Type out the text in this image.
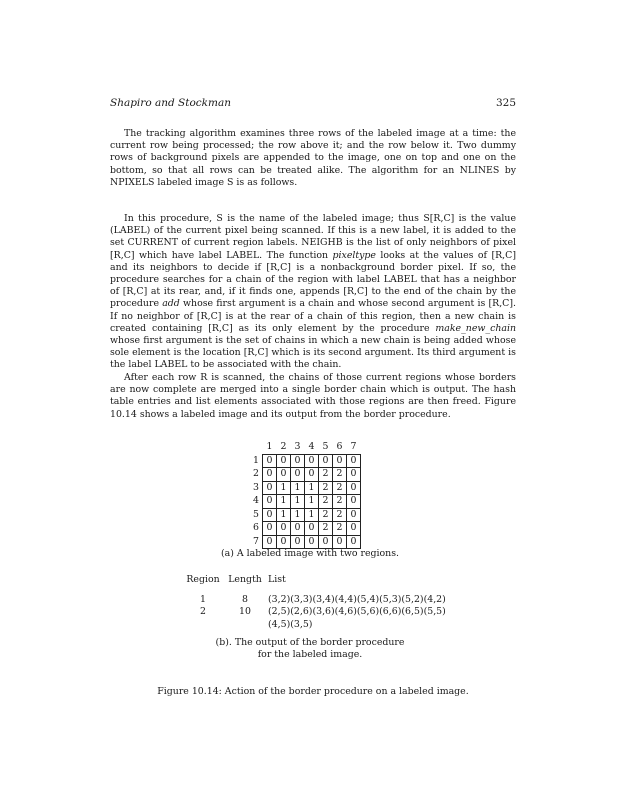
Shapiro and Stockman	325

The tracking algorithm examines three rows of the labeled image at a time: the current row being processed; the row above it; and the row below it. Two dummy rows of background pixels are appended to the image, one on top and one on the bottom, so that all rows can be treated alike. The algorithm for an NLINES by NPIXELS labeled image S is as follows.

In this procedure, S is the name of the labeled image; thus S[R,C] is the value (LABEL) of the current pixel being scanned. If this is a new label, it is added to the set CURRENT of current region labels. NEIGHB is the list of only neighbors of pixel [R,C] which have label LABEL. The function pixeltype looks at the values of [R,C] and its neighbors to decide if [R,C] is a nonbackground border pixel. If so, the procedure searches for a chain of the region with label LABEL that has a neighbor of [R,C] at its rear, and, if it finds one, appends [R,C] to the end of the chain by the procedure add whose first argument is a chain and whose second argument is [R,C]. If no neighbor of [R,C] is at the rear of a chain of this region, then a new chain is created containing [R,C] as its only element by the procedure make_new_chain whose first argument is the set of chains in which a new chain is being added whose sole element is the location [R,C] which is its second argument. Its third argument is the label LABEL to be associated with the chain.

After each row R is scanned, the chains of those current regions whose borders are now complete are merged into a single border chain which is output. The hash table entries and list elements associated with those regions are then freed. Figure 10.14 shows a labeled image and its output from the border procedure.

	1	2	3	4	5	6	7
1	0	0	0	0	0	0	0
2	0	0	0	0	2	2	0
3	0	1	1	1	2	2	0
4	0	1	1	1	2	2	0
5	0	1	1	1	2	2	0
6	0	0	0	0	2	2	0
7	0	0	0	0	0	0	0
(a) A labeled image with two regions.
Region Length List
1	8	(3,2)(3,3)(3,4)(4,4)(5,4)(5,3)(5,2)(4,2)
2	10	(2,5)(2,6)(3,6)(4,6)(5,6)(6,6)(6,5)(5,5)
(4,5)(3,5)
(b). The output of the border procedure
for the labeled image.
Figure 10.14: Action of the border procedure on a labeled image.
